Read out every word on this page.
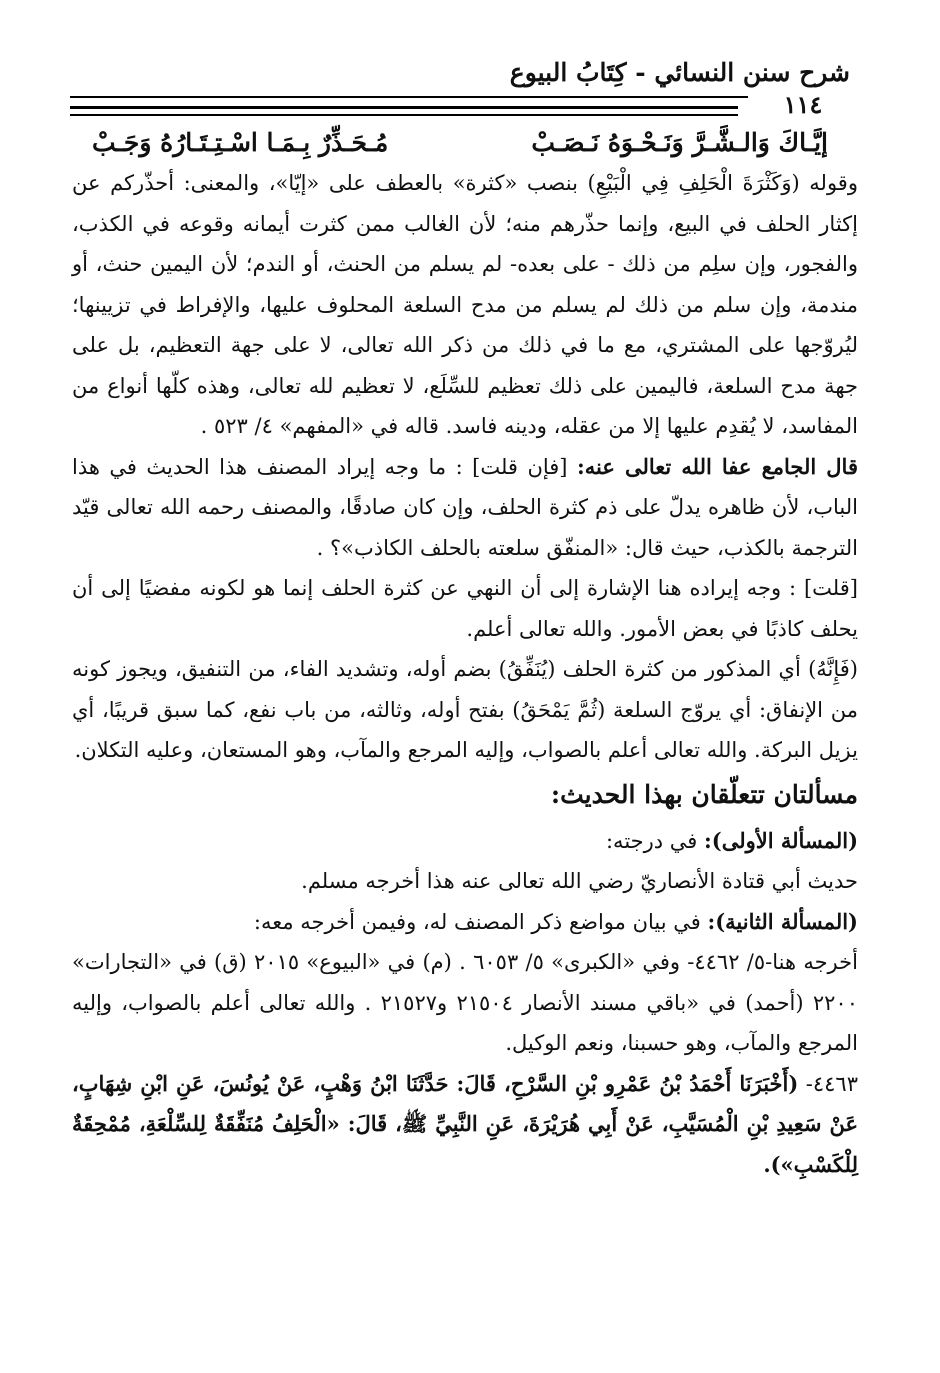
شرح سنن النسائي - كِتَابُ البيوع
١١٤
إيَّـاكَ وَالـشَّـرَّ وَنَـحْـوَهُ نَـصَـبْ
مُـحَـذِّرٌ بِـمَـا اسْـتِـتَـارُهُ وَجَـبْ

وقوله (وَكَثْرَةَ الْحَلِفِ فِي الْبَيْعِ) بنصب «كثرة» بالعطف على «إيّا»، والمعنى: أحذّركم عن إكثار الحلف في البيع، وإنما حذّرهم منه؛ لأن الغالب ممن كثرت أيمانه وقوعه في الكذب، والفجور، وإن سلِم من ذلك - على بعده- لم يسلم من الحنث، أو الندم؛ لأن اليمين حنث، أو مندمة، وإن سلم من ذلك لم يسلم من مدح السلعة المحلوف عليها، والإفراط في تزيينها؛ ليُروّجها على المشتري، مع ما في ذلك من ذكر الله تعالى، لا على جهة التعظيم، بل على جهة مدح السلعة، فاليمين على ذلك تعظيم للسِّلَع، لا تعظيم لله تعالى، وهذه كلّها أنواع من المفاسد، لا يُقدِم عليها إلا من عقله، ودينه فاسد. قاله في «المفهم» ٤/ ٥٢٣ .

قال الجامع عفا الله تعالى عنه: [فإن قلت] : ما وجه إيراد المصنف هذا الحديث في هذا الباب، لأن ظاهره يدلّ على ذم كثرة الحلف، وإن كان صادقًا، والمصنف رحمه الله تعالى قيّد الترجمة بالكذب، حيث قال: «المنفّق سلعته بالحلف الكاذب»؟ .

[قلت] : وجه إيراده هنا الإشارة إلى أن النهي عن كثرة الحلف إنما هو لكونه مفضيًا إلى أن يحلف كاذبًا في بعض الأمور. والله تعالى أعلم.

(فَإِنَّهُ) أي المذكور من كثرة الحلف (يُنَفِّقُ) بضم أوله، وتشديد الفاء، من التنفيق، ويجوز كونه من الإنفاق: أي يروّج السلعة (ثُمَّ يَمْحَقُ) بفتح أوله، وثالثه، من باب نفع، كما سبق قريبًا، أي يزيل البركة. والله تعالى أعلم بالصواب، وإليه المرجع والمآب، وهو المستعان، وعليه التكلان.

مسألتان تتعلّقان بهذا الحديث:

(المسألة الأولى): في درجته:

حديث أبي قتادة الأنصاريّ رضي الله تعالى عنه هذا أخرجه مسلم.

(المسألة الثانية): في بيان مواضع ذكر المصنف له، وفيمن أخرجه معه:

أخرجه هنا-٥/ ٤٤٦٢- وفي «الكبرى» ٥/ ٦٠٥٣ . (م) في «البيوع» ٢٠١٥ (ق) في «التجارات» ٢٢٠٠ (أحمد) في «باقي مسند الأنصار ٢١٥٠٤ و٢١٥٢٧ . والله تعالى أعلم بالصواب، وإليه المرجع والمآب، وهو حسبنا، ونعم الوكيل.

٤٤٦٣- (أَخْبَرَنَا أَحْمَدُ بْنُ عَمْرِو بْنِ السَّرْحِ، قَالَ: حَدَّثَنَا ابْنُ وَهْبٍ، عَنْ يُونُسَ، عَنِ ابْنِ شِهَابٍ، عَنْ سَعِيدِ بْنِ الْمُسَيَّبِ، عَنْ أَبِي هُرَيْرَةَ، عَنِ النَّبِيِّ ﷺ، قَالَ: «الْحَلِفُ مُنَفِّقَةٌ لِلسِّلْعَةِ، مُمْحِقَةٌ لِلْكَسْبِ»).
